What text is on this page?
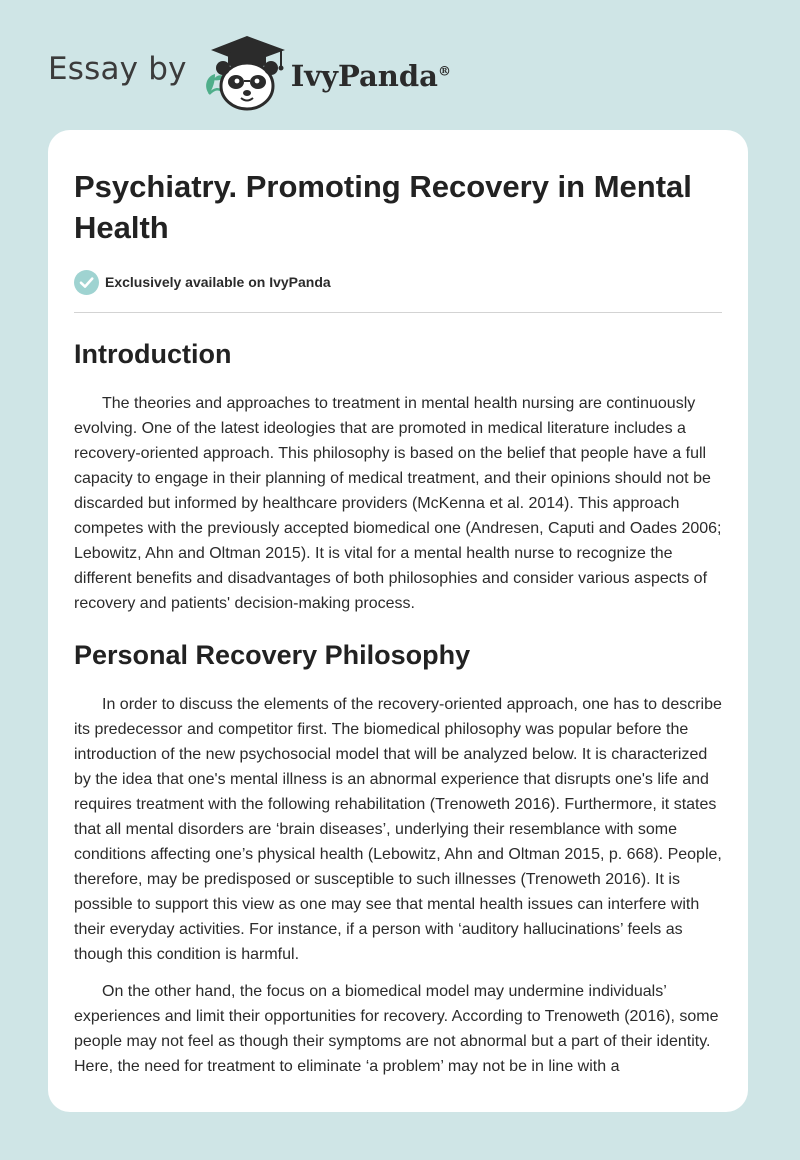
Essay by	IvyPanda®
Psychiatry. Promoting Recovery in Mental Health
Exclusively available on IvyPanda
Introduction

The theories and approaches to treatment in mental health nursing are continuously evolving. One of the latest ideologies that are promoted in medical literature includes a recovery-oriented approach. This philosophy is based on the belief that people have a full capacity to engage in their planning of medical treatment, and their opinions should not be discarded but informed by healthcare providers (McKenna et al. 2014). This approach competes with the previously accepted biomedical one (Andresen, Caputi and Oades 2006; Lebowitz, Ahn and Oltman 2015). It is vital for a mental health nurse to recognize the different benefits and disadvantages of both philosophies and consider various aspects of recovery and patients' decision-making process.

Personal Recovery Philosophy

In order to discuss the elements of the recovery-oriented approach, one has to describe its predecessor and competitor first. The biomedical philosophy was popular before the introduction of the new psychosocial model that will be analyzed below. It is characterized by the idea that one's mental illness is an abnormal experience that disrupts one's life and requires treatment with the following rehabilitation (Trenoweth 2016). Furthermore, it states that all mental disorders are ‘brain diseases’, underlying their resemblance with some conditions affecting one’s physical health (Lebowitz, Ahn and Oltman 2015, p. 668). People, therefore, may be predisposed or susceptible to such illnesses (Trenoweth 2016). It is possible to support this view as one may see that mental health issues can interfere with their everyday activities. For instance, if a person with ‘auditory hallucinations’ feels as though this condition is harmful.

On the other hand, the focus on a biomedical model may undermine individuals’ experiences and limit their opportunities for recovery. According to Trenoweth (2016), some people may not feel as though their symptoms are not abnormal but a part of their identity. Here, the need for treatment to eliminate ‘a problem’ may not be in line with a
